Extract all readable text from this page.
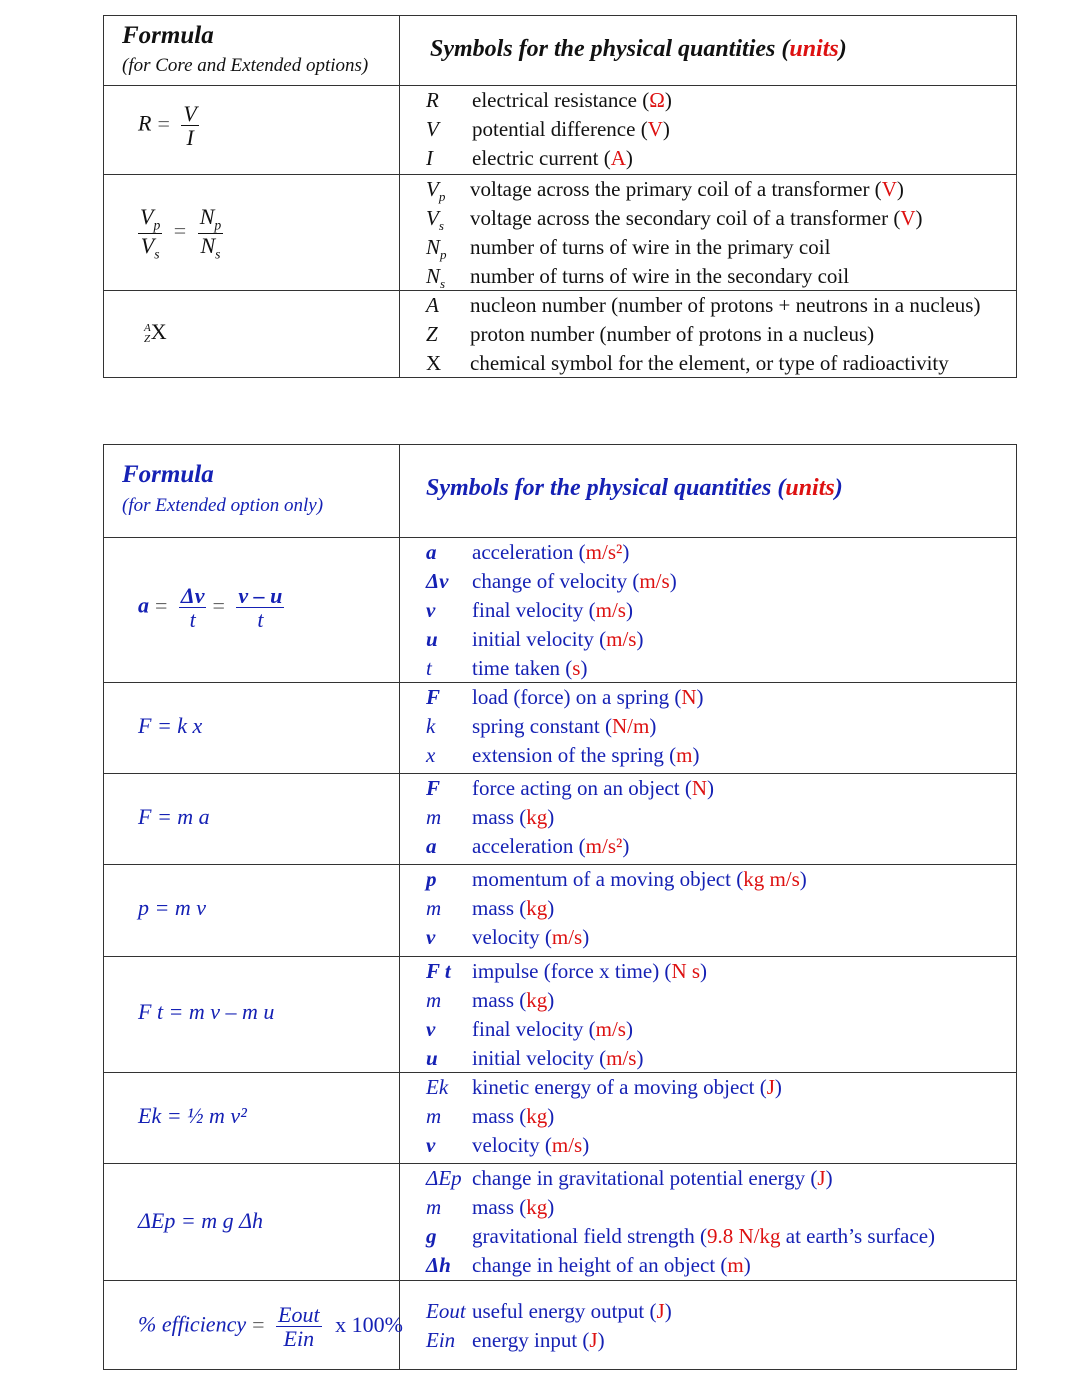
Formula
(for Core and Extended options)
Symbols for the physical quantities (units)
$R = \frac{V}{I}$
R	electrical resistance (Ω)
V	potential difference (V)
I	electric current (A)
$\frac{V_p}{V_s} = \frac{N_p}{N_s}$
$V_p$	voltage across the primary coil of a transformer (V)
$V_s$	voltage across the secondary coil of a transformer (V)
$N_p$	number of turns of wire in the primary coil
$N_s$	number of turns of wire in the secondary coil
A
Z X
A	nucleon number (number of protons + neutrons in a nucleus)
Z	proton number (number of protons in a nucleus)
X	chemical symbol for the element, or type of radioactivity
Formula
(for Extended option only)
Symbols for the physical quantities (units)
$a = \frac{\Delta v}{t} = \frac{v - u}{t}$
a	acceleration (m/s²)
Δv	change of velocity (m/s)
v	final velocity (m/s)
u	initial velocity (m/s)
t	time taken (s)
F = k x
F	load (force) on a spring (N)
k	spring constant (N/m)
x	extension of the spring (m)
F = m a
F	force acting on an object (N)
m	mass (kg)
a	acceleration (m/s²)
p = m v
p	momentum of a moving object (kg m/s)
m	mass (kg)
v	velocity (m/s)
F t = m v – m u
F t	impulse (force x time) (N s)
m	mass (kg)
v	final velocity (m/s)
u	initial velocity (m/s)
Ek = ½ m v²
Ek	kinetic energy of a moving object (J)
m	mass (kg)
v	velocity (m/s)
ΔEp = m g Δh
ΔEp change in gravitational potential energy (J)
m	mass (kg)
g	gravitational field strength (9.8 N/kg at earth’s surface)
Δh	change in height of an object (m)
% efficiency = $\frac{\text{Eout}}{\text{Ein}}$ x 100%
Eout useful energy output (J)
Ein energy input (J)
